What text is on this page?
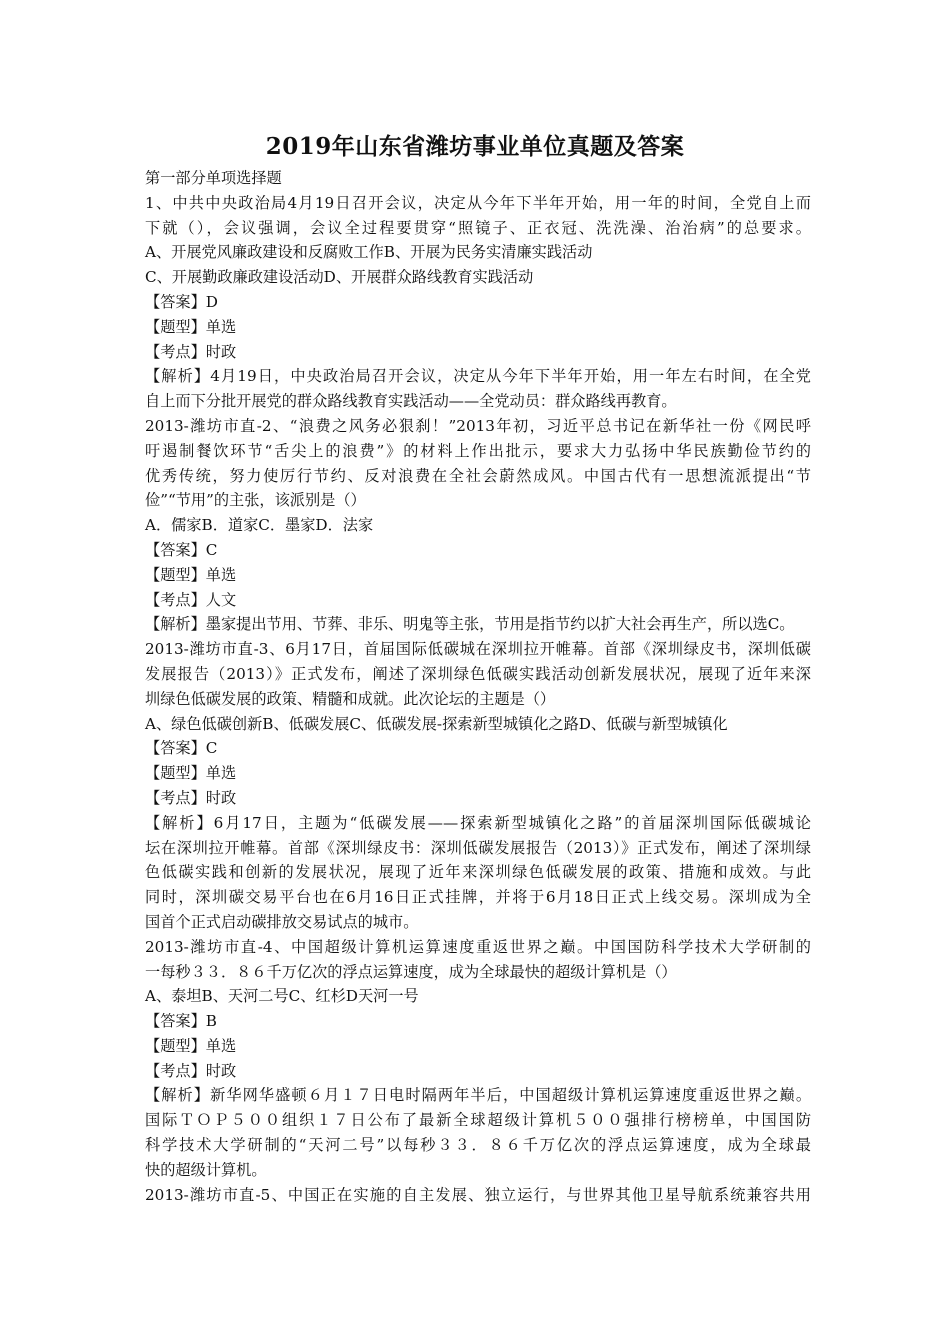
2019年山东省潍坊事业单位真题及答案
第一部分单项选择题
1、中共中央政治局4月19日召开会议，决定从今年下半年开始，用一年的时间，全党自上而
下就（），会议强调，会议全过程要贯穿“照镜子、正衣冠、洗洗澡、治治病”的总要求。
A、开展党风廉政建设和反腐败工作B、开展为民务实清廉实践活动
C、开展勤政廉政建设活动D、开展群众路线教育实践活动
【答案】D
【题型】单选
【考点】时政
【解析】4月19日，中央政治局召开会议，决定从今年下半年开始，用一年左右时间，在全党
自上而下分批开展党的群众路线教育实践活动——全党动员：群众路线再教育。
2013-潍坊市直-2、“浪费之风务必狠刹！”2013年初，习近平总书记在新华社一份《网民呼
吁遏制餐饮环节“舌尖上的浪费”》的材料上作出批示，要求大力弘扬中华民族勤俭节约的
优秀传统，努力使厉行节约、反对浪费在全社会蔚然成风。中国古代有一思想流派提出“节
俭”“节用”的主张，该派别是（）
A．儒家B．道家C．墨家D．法家
【答案】C
【题型】单选
【考点】人文
【解析】墨家提出节用、节葬、非乐、明鬼等主张，节用是指节约以扩大社会再生产，所以选C。
2013-潍坊市直-3、6月17日，首届国际低碳城在深圳拉开帷幕。首部《深圳绿皮书，深圳低碳
发展报告（2013）》正式发布，阐述了深圳绿色低碳实践活动创新发展状况，展现了近年来深
圳绿色低碳发展的政策、精髓和成就。此次论坛的主题是（）
A、绿色低碳创新B、低碳发展C、低碳发展-探索新型城镇化之路D、低碳与新型城镇化
【答案】C
【题型】单选
【考点】时政
【解析】6月17日，主题为“低碳发展——探索新型城镇化之路”的首届深圳国际低碳城论
坛在深圳拉开帷幕。首部《深圳绿皮书：深圳低碳发展报告（2013）》正式发布，阐述了深圳绿
色低碳实践和创新的发展状况，展现了近年来深圳绿色低碳发展的政策、措施和成效。与此
同时，深圳碳交易平台也在6月16日正式挂牌，并将于6月18日正式上线交易。深圳成为全
国首个正式启动碳排放交易试点的城市。
2013-潍坊市直-4、中国超级计算机运算速度重返世界之巅。中国国防科学技术大学研制的
一每秒３３．８６千万亿次的浮点运算速度，成为全球最快的超级计算机是（）
A、泰坦B、天河二号C、红杉D天河一号
【答案】B
【题型】单选
【考点】时政
【解析】新华网华盛顿６月１７日电时隔两年半后，中国超级计算机运算速度重返世界之巅。
国际ＴＯＰ５００组织１７日公布了最新全球超级计算机５００强排行榜榜单，中国国防
科学技术大学研制的“天河二号”以每秒３３．８６千万亿次的浮点运算速度，成为全球最
快的超级计算机。
2013-潍坊市直-5、中国正在实施的自主发展、独立运行，与世界其他卫星导航系统兼容共用
